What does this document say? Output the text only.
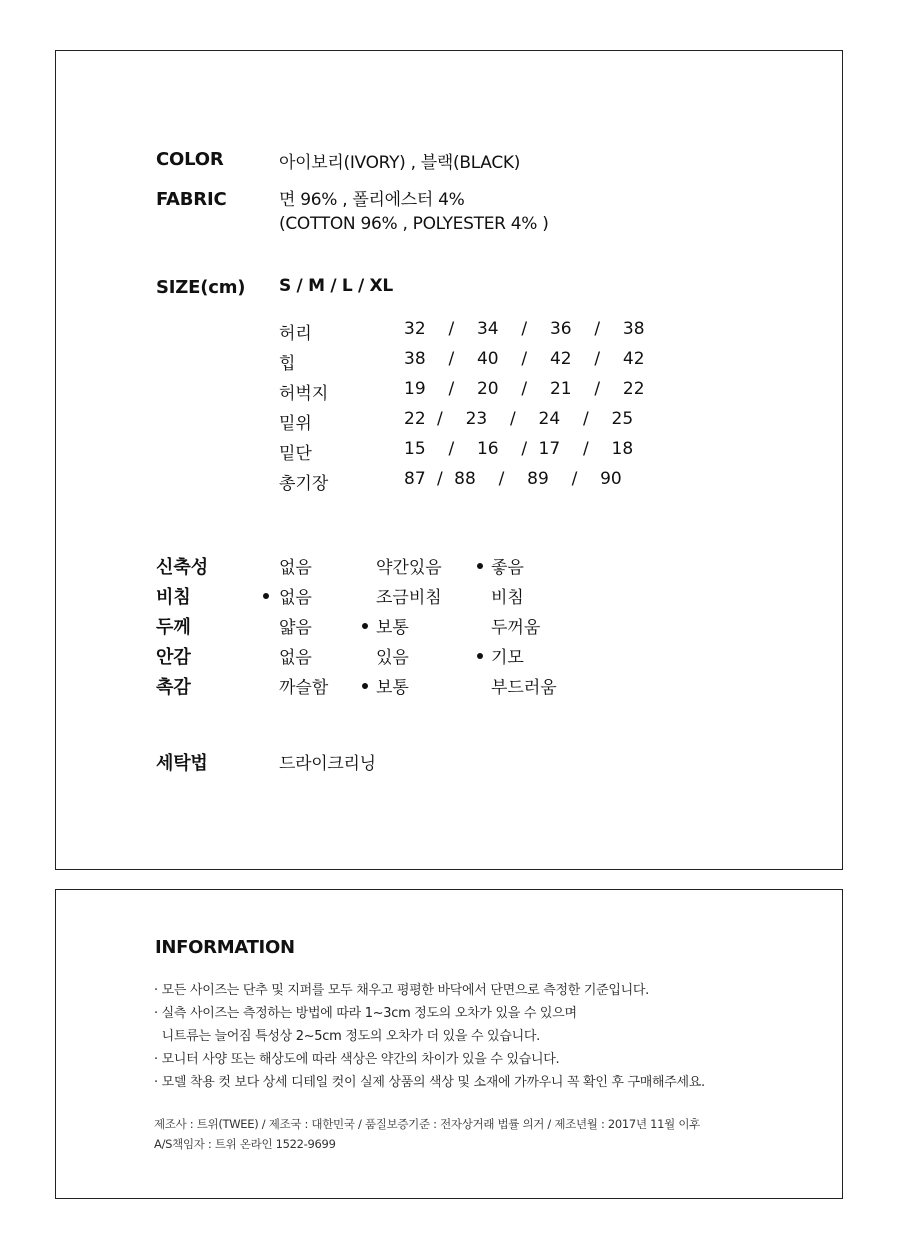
COLOR	아이보리(IVORY) , 블랙(BLACK)
FABRIC	면 96% , 폴리에스터 4%
(COTTON 96% , POLYESTER 4% )
SIZE(cm) S / M / L / XL
허리	32  /  34  /  36  /  38
힙	38  /  40  /  42  /  42
허벅지	19  /  20  /  21  /  22
밑위	22 /  23  /  24  /  25
밑단	15  /  16  / 17  /  18
총기장	87 / 88  /  89  /  90
신축성	없음	약간있음	좋음
비침	없음	조금비침	비침
두께	얇음	보통	두꺼움
안감	없음	있음	기모
촉감	까슬함	보통	부드러움
세탁법	드라이크리닝
INFORMATION
· 모든 사이즈는 단추 및 지퍼를 모두 채우고 평평한 바닥에서 단면으로 측정한 기준입니다.
· 실측 사이즈는 측정하는 방법에 따라 1~3cm 정도의 오차가 있을 수 있으며
니트류는 늘어짐 특성상 2~5cm 정도의 오차가 더 있을 수 있습니다.
· 모니터 사양 또는 해상도에 따라 색상은 약간의 차이가 있을 수 있습니다.
· 모델 착용 컷 보다 상세 디테일 컷이 실제 상품의 색상 및 소재에 가까우니 꼭 확인 후 구매해주세요.
제조사 : 트위(TWEE) / 제조국 : 대한민국 / 품질보증기준 : 전자상거래 법률 의거 / 제조년월 : 2017년 11월 이후
A/S책임자 : 트위 온라인 1522-9699
